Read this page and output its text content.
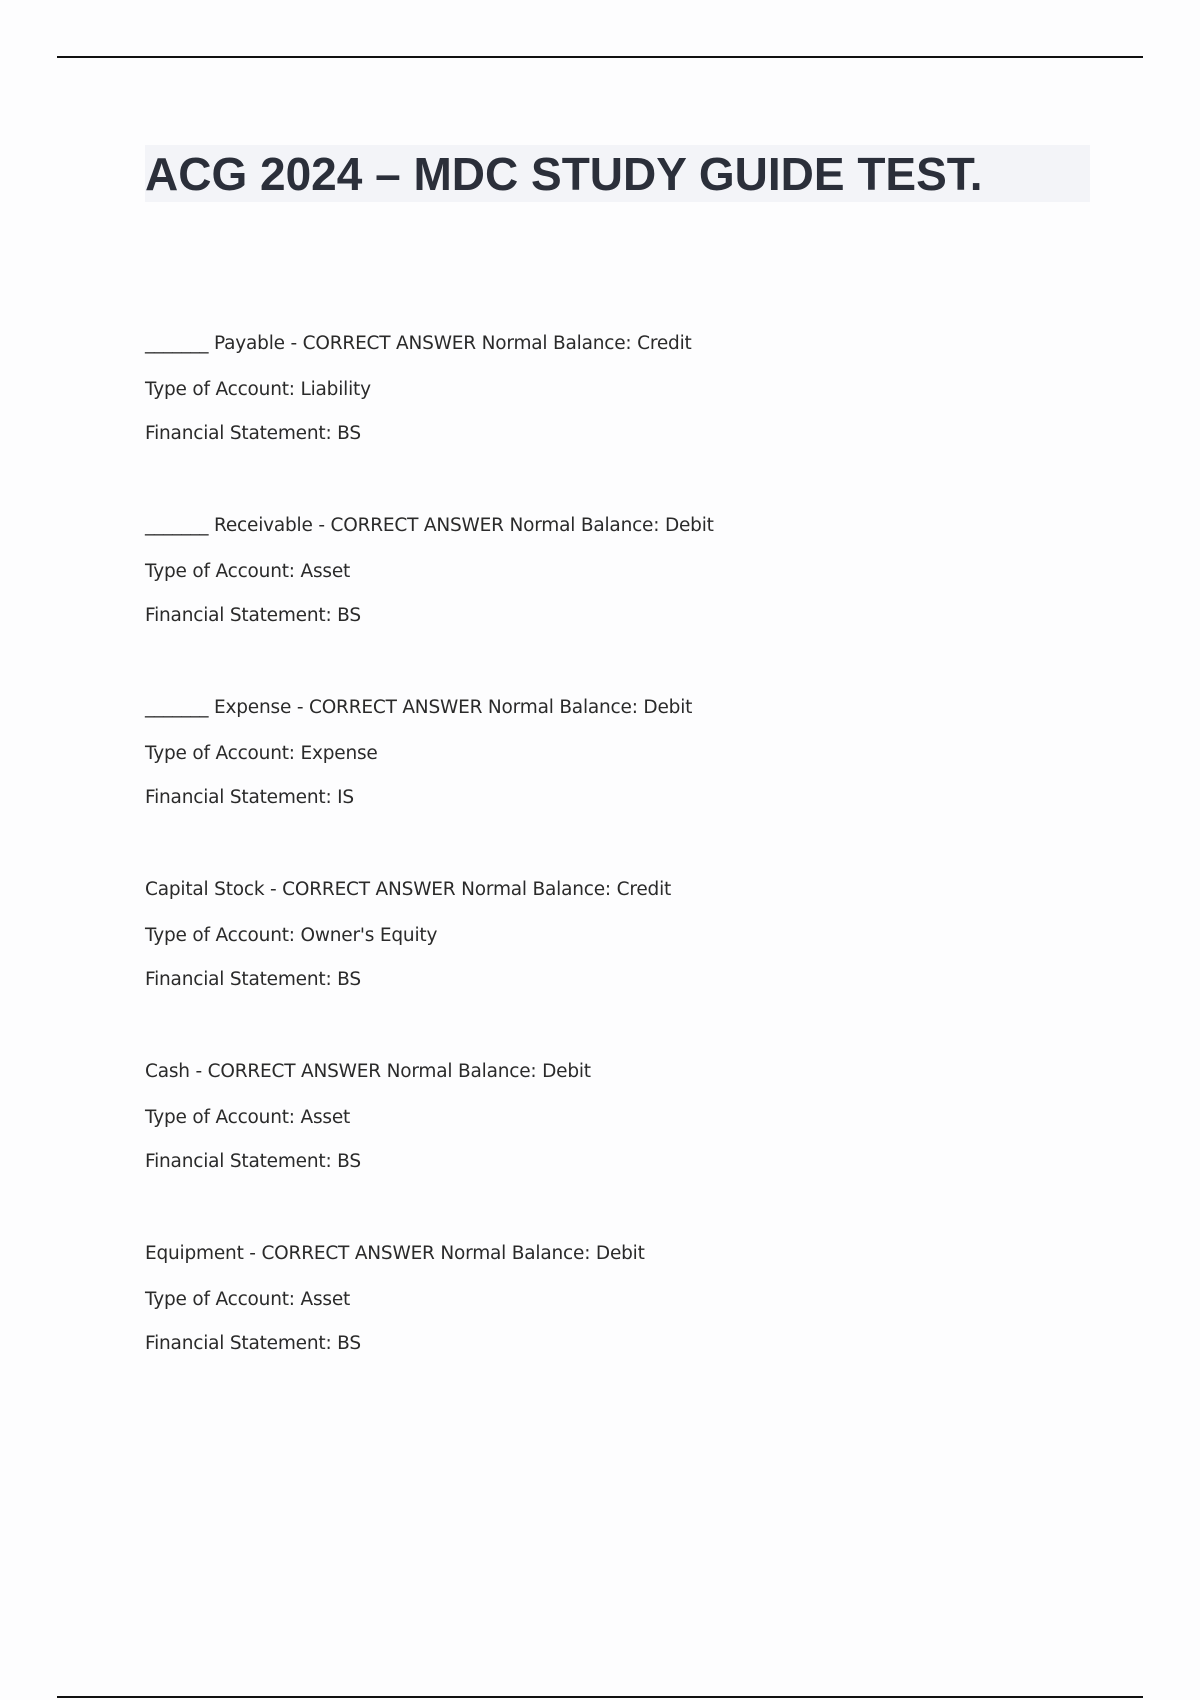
ACG 2024 – MDC STUDY GUIDE TEST.
_______ Payable - CORRECT ANSWER Normal Balance: Credit
Type of Account: Liability
Financial Statement: BS
_______ Receivable - CORRECT ANSWER Normal Balance: Debit
Type of Account: Asset
Financial Statement: BS
_______ Expense - CORRECT ANSWER Normal Balance: Debit
Type of Account: Expense
Financial Statement: IS
Capital Stock - CORRECT ANSWER Normal Balance: Credit
Type of Account: Owner's Equity
Financial Statement: BS
Cash - CORRECT ANSWER Normal Balance: Debit
Type of Account: Asset
Financial Statement: BS
Equipment - CORRECT ANSWER Normal Balance: Debit
Type of Account: Asset
Financial Statement: BS
